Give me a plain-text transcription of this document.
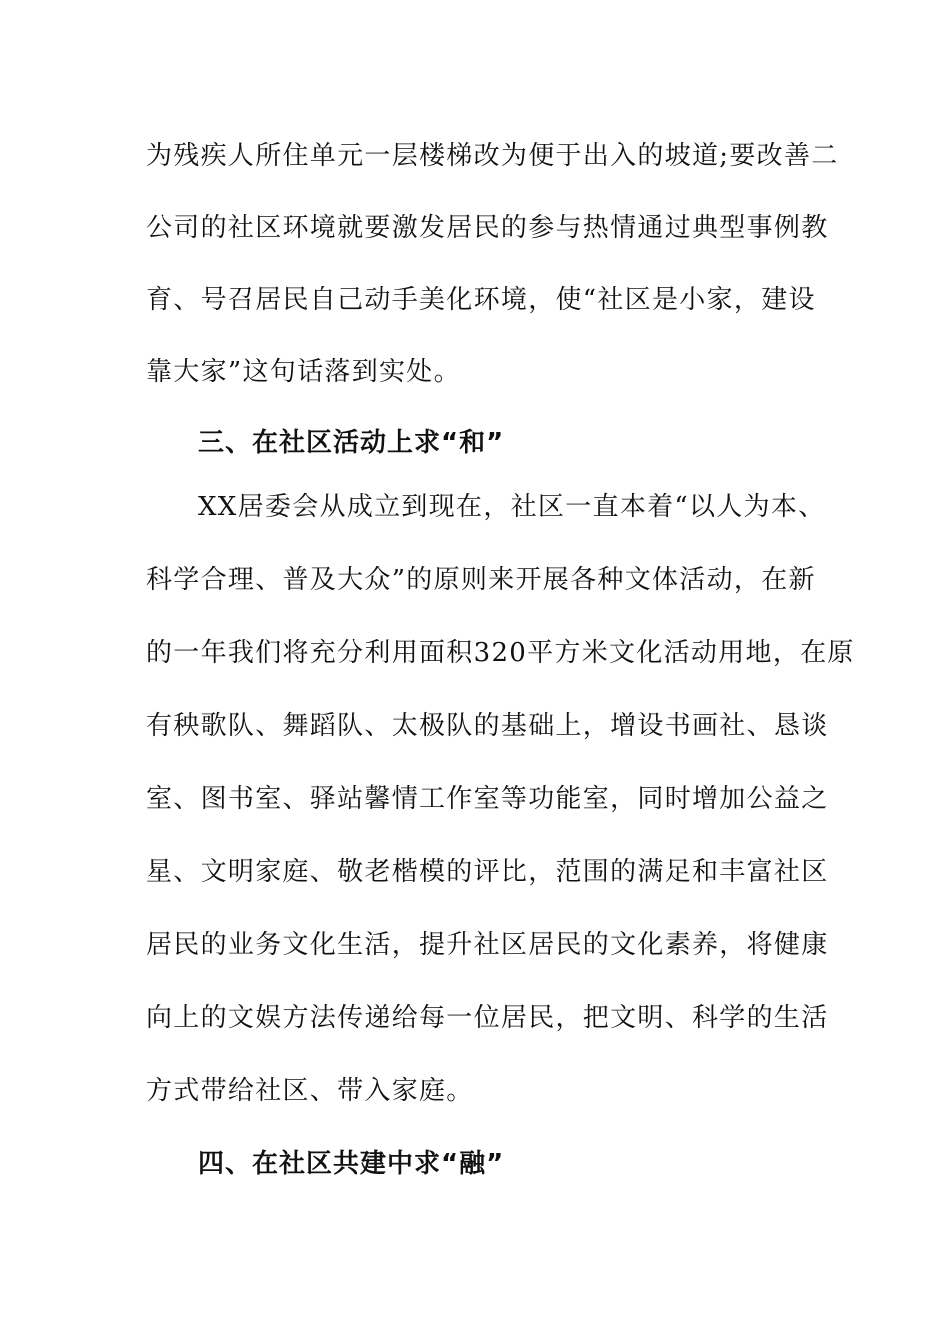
为残疾人所住单元一层楼梯改为便于出入的坡道;要改善二
公司的社区环境就要激发居民的参与热情通过典型事例教
育、号召居民自己动手美化环境，使“社区是小家，建设
靠大家”这句话落到实处。
三、在社区活动上求“和”
XX居委会从成立到现在，社区一直本着“以人为本、
科学合理、普及大众”的原则来开展各种文体活动，在新
的一年我们将充分利用面积320平方米文化活动用地，在原
有秧歌队、舞蹈队、太极队的基础上，增设书画社、恳谈
室、图书室、驿站馨情工作室等功能室，同时增加公益之
星、文明家庭、敬老楷模的评比，范围的满足和丰富社区
居民的业务文化生活，提升社区居民的文化素养，将健康
向上的文娱方法传递给每一位居民，把文明、科学的生活
方式带给社区、带入家庭。
四、在社区共建中求“融”
